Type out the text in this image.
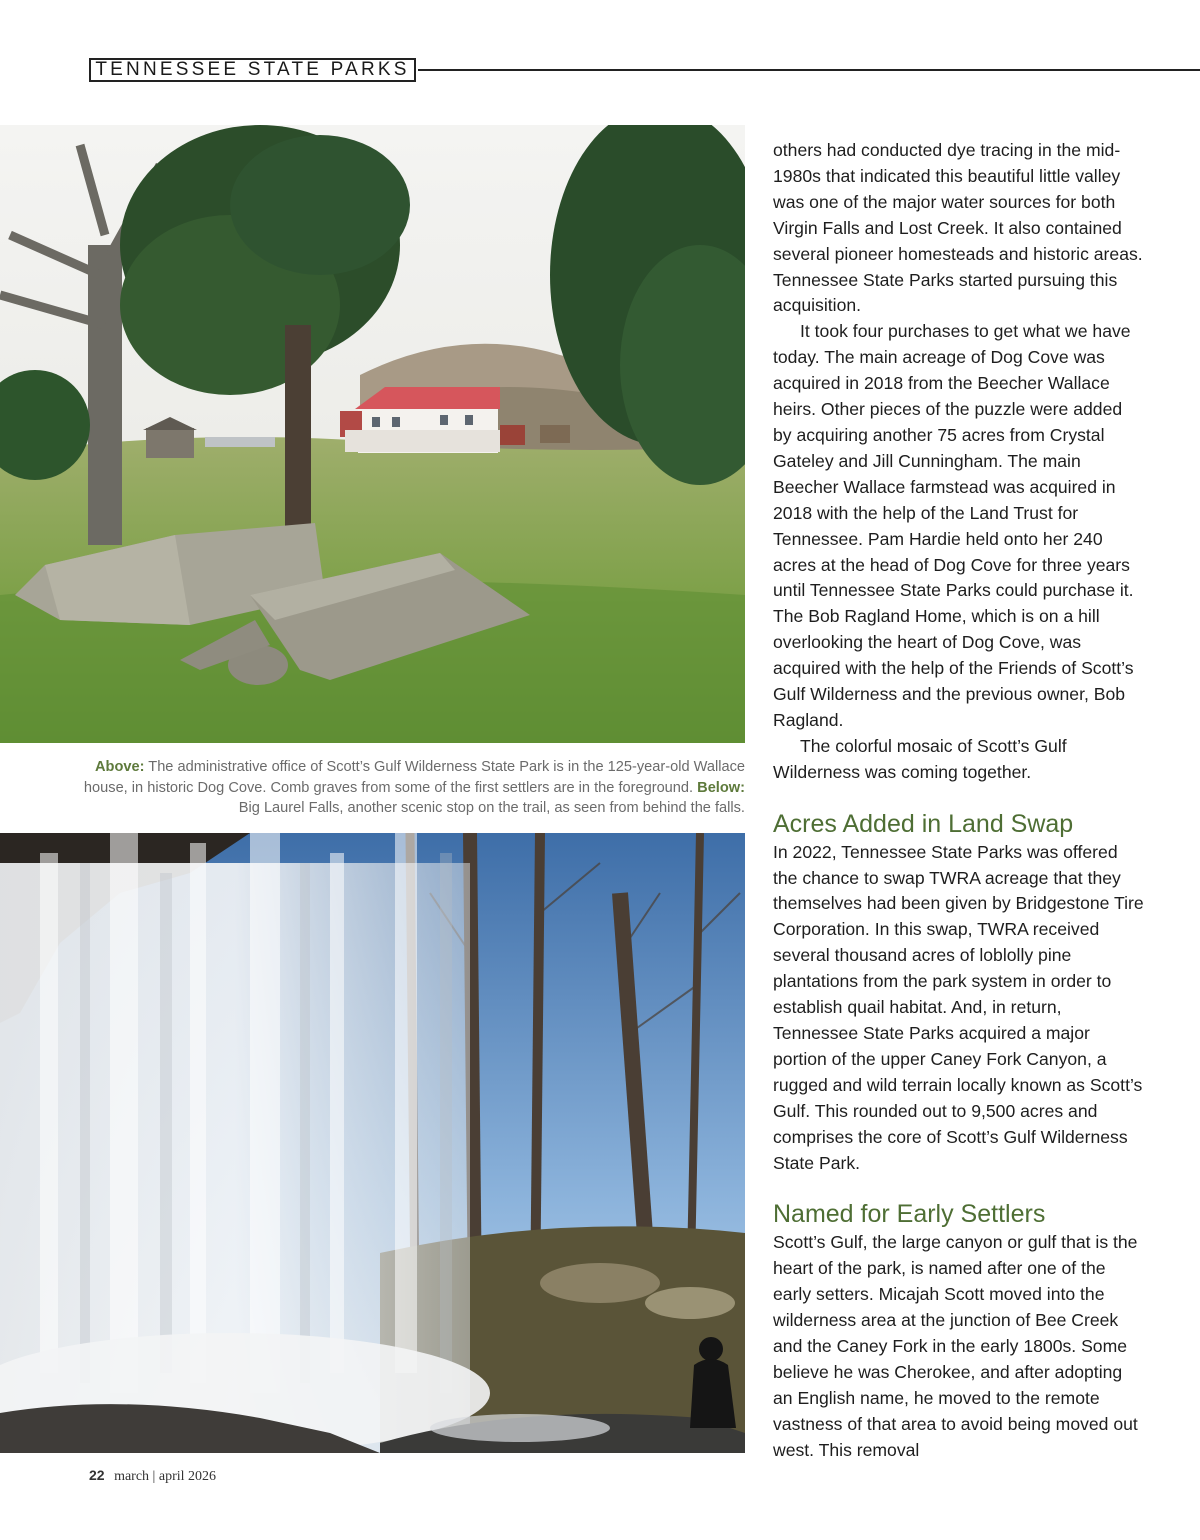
TENNESSEE STATE PARKS
Above: The administrative office of Scott’s Gulf Wilderness State Park is in the 125-year-old Wallace house, in historic Dog Cove. Comb graves from some of the first settlers are in the foreground. Below: Big Laurel Falls, another scenic stop on the trail, as seen from behind the falls.

others had conducted dye tracing in the mid-1980s that indicated this beautiful little valley was one of the major water sources for both Virgin Falls and Lost Creek. It also contained several pioneer homesteads and historic areas. Tennessee State Parks started pursuing this acquisition.

It took four purchases to get what we have today. The main acreage of Dog Cove was acquired in 2018 from the Beecher Wallace heirs. Other pieces of the puzzle were added by acquiring another 75 acres from Crystal Gateley and Jill Cunningham. The main Beecher Wallace farmstead was acquired in 2018 with the help of the Land Trust for Tennessee. Pam Hardie held onto her 240 acres at the head of Dog Cove for three years until Tennessee State Parks could purchase it. The Bob Ragland Home, which is on a hill overlooking the heart of Dog Cove, was acquired with the help of the Friends of Scott’s Gulf Wilderness and the previous owner, Bob Ragland.

The colorful mosaic of Scott’s Gulf Wilderness was coming together.

Acres Added in Land Swap

In 2022, Tennessee State Parks was offered the chance to swap TWRA acreage that they themselves had been given by Bridgestone Tire Corporation. In this swap, TWRA received several thousand acres of loblolly pine plantations from the park system in order to establish quail habitat. And, in return, Tennessee State Parks acquired a major portion of the upper Caney Fork Canyon, a rugged and wild terrain locally known as Scott’s Gulf. This rounded out to 9,500 acres and comprises the core of Scott’s Gulf Wilderness State Park.

Named for Early Settlers

Scott’s Gulf, the large canyon or gulf that is the heart of the park, is named after one of the early setters. Micajah Scott moved into the wilderness area at the junction of Bee Creek and the Caney Fork in the early 1800s. Some believe he was Cherokee, and after adopting an English name, he moved to the remote vastness of that area to avoid being moved out west. This removal

22 march | april 2026
